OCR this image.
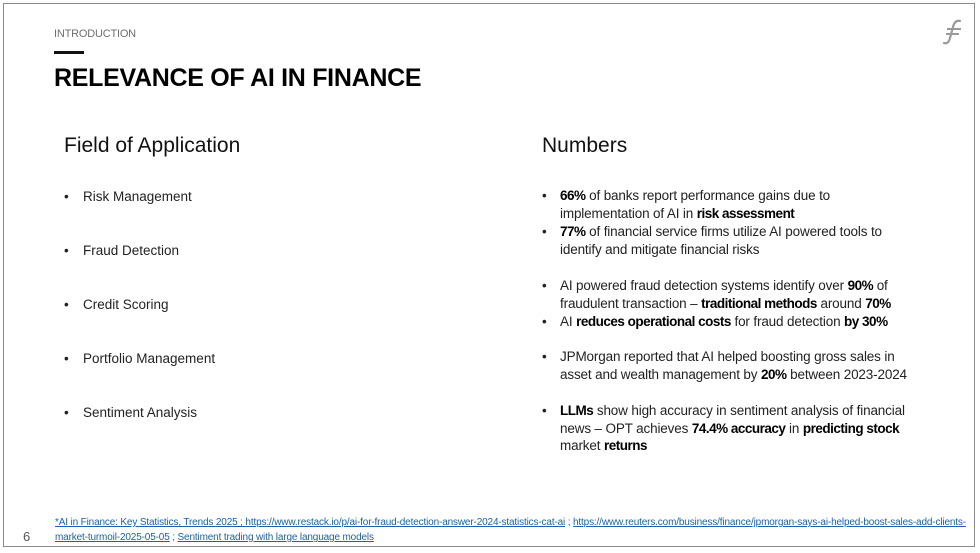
INTRODUCTION
RELEVANCE OF AI IN FINANCE
Field of Application	Numbers
• Risk Management
• Fraud Detection
• Credit Scoring
• Portfolio Management
• Sentiment Analysis
• 66% of banks report performance gains due to implementation of AI in risk assessment
• 77% of financial service firms utilize AI powered tools to identify and mitigate financial risks
• AI powered fraud detection systems identify over 90% of fraudulent transaction – traditional methods around 70%
• AI reduces operational costs for fraud detection by 30%
• JPMorgan reported that AI helped boosting gross sales in asset and wealth management by 20% between 2023-2024
• LLMs show high accuracy in sentiment analysis of financial news – OPT achieves 74.4% accuracy in predicting stock market returns
6
*AI in Finance: Key Statistics, Trends 2025 ; https://www.restack.io/p/ai-for-fraud-detection-answer-2024-statistics-cat-ai ; https://www.reuters.com/business/finance/jpmorgan-says-ai-helped-boost-sales-add-clients-market-turmoil-2025-05-05 ; Sentiment trading with large language models
